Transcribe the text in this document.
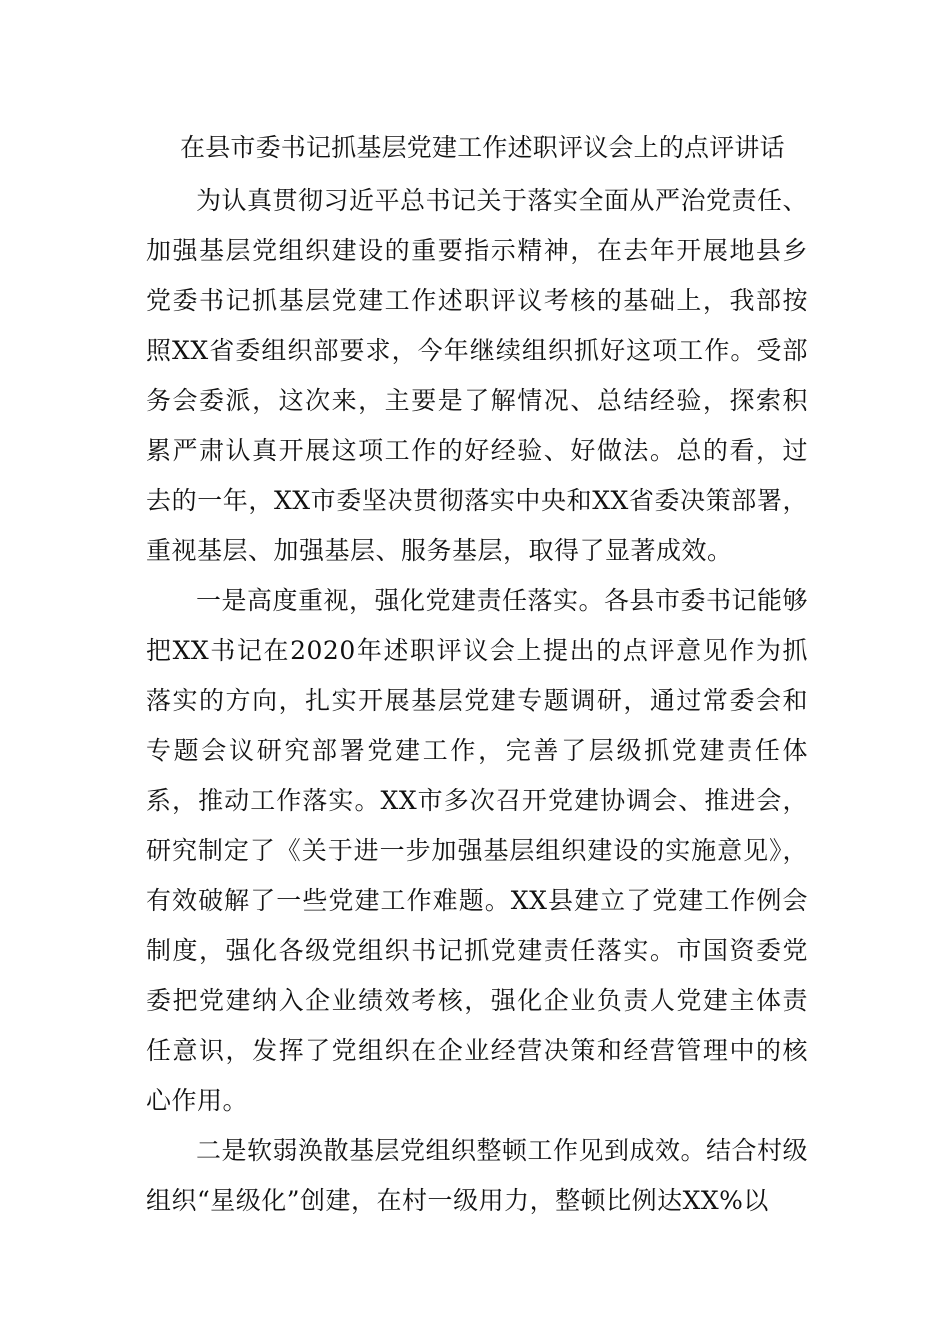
在县市委书记抓基层党建工作述职评议会上的点评讲话

为认真贯彻习近平总书记关于落实全面从严治党责任、加强基层党组织建设的重要指示精神，在去年开展地县乡党委书记抓基层党建工作述职评议考核的基础上，我部按照XX省委组织部要求，今年继续组织抓好这项工作。受部务会委派，这次来，主要是了解情况、总结经验，探索积累严肃认真开展这项工作的好经验、好做法。总的看，过去的一年，XX市委坚决贯彻落实中央和XX省委决策部署，重视基层、加强基层、服务基层，取得了显著成效。

一是高度重视，强化党建责任落实。各县市委书记能够把XX书记在2020年述职评议会上提出的点评意见作为抓落实的方向，扎实开展基层党建专题调研，通过常委会和专题会议研究部署党建工作，完善了层级抓党建责任体系，推动工作落实。XX市多次召开党建协调会、推进会，研究制定了《关于进一步加强基层组织建设的实施意见》，有效破解了一些党建工作难题。XX县建立了党建工作例会制度，强化各级党组织书记抓党建责任落实。市国资委党委把党建纳入企业绩效考核，强化企业负责人党建主体责任意识，发挥了党组织在企业经营决策和经营管理中的核心作用。

二是软弱涣散基层党组织整顿工作见到成效。结合村级组织“星级化”创建，在村一级用力，整顿比例达XX%以
